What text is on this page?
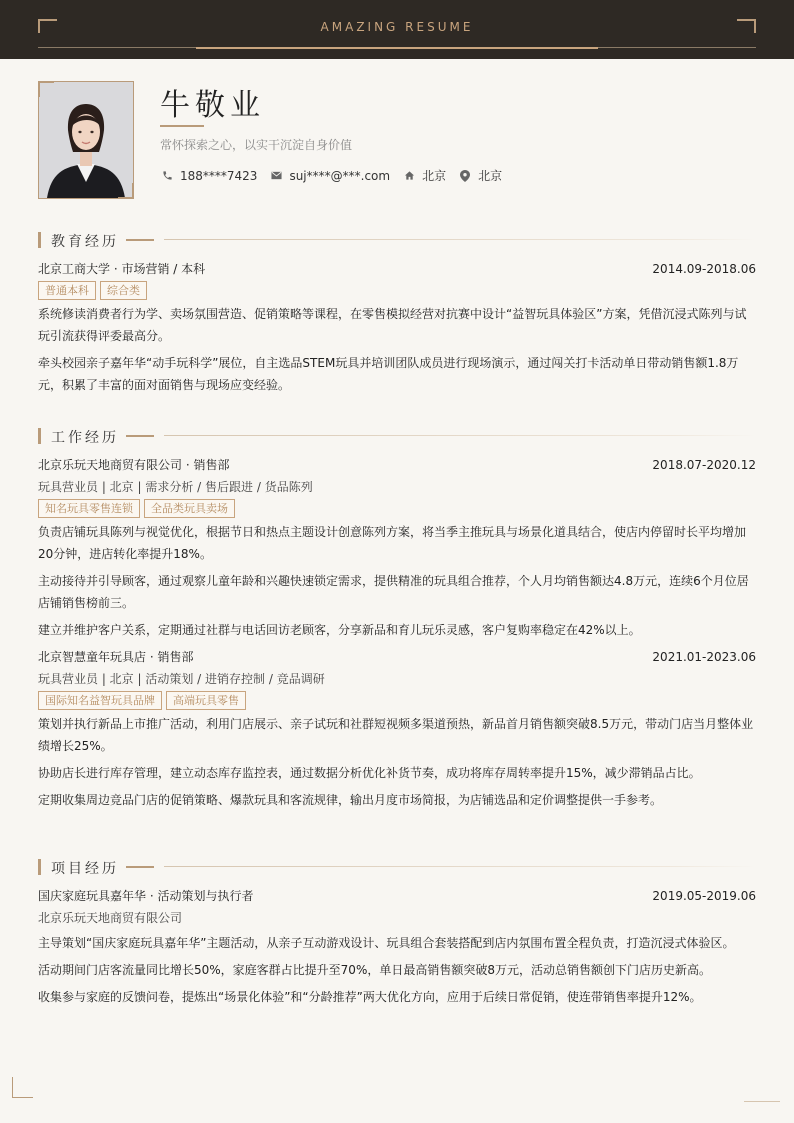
AMAZING RESUME
牛敬业
常怀探索之心，以实干沉淀自身价值
188****7423	suj****@***.com	北京	北京
教育经历
北京工商大学 · 市场营销 / 本科	2014.09-2018.06
普通本科	综合类
系统修读消费者行为学、卖场氛围营造、促销策略等课程，在零售模拟经营对抗赛中设计“益智玩具体验区”方案，凭借沉浸式陈列与试玩引流获得评委最高分。
牵头校园亲子嘉年华“动手玩科学”展位，自主选品STEM玩具并培训团队成员进行现场演示，通过闯关打卡活动单日带动销售额1.8万元，积累了丰富的面对面销售与现场应变经验。
工作经历
北京乐玩天地商贸有限公司 · 销售部	2018.07-2020.12
玩具营业员 | 北京 | 需求分析 / 售后跟进 / 货品陈列
知名玩具零售连锁	全品类玩具卖场
负责店铺玩具陈列与视觉优化，根据节日和热点主题设计创意陈列方案，将当季主推玩具与场景化道具结合，使店内停留时长平均增加20分钟，进店转化率提升18%。
主动接待并引导顾客，通过观察儿童年龄和兴趣快速锁定需求，提供精准的玩具组合推荐，个人月均销售额达4.8万元，连续6个月位居店铺销售榜前三。
建立并维护客户关系，定期通过社群与电话回访老顾客，分享新品和育儿玩乐灵感，客户复购率稳定在42%以上。
北京智慧童年玩具店 · 销售部	2021.01-2023.06
玩具营业员 | 北京 | 活动策划 / 进销存控制 / 竞品调研
国际知名益智玩具品牌	高端玩具零售
策划并执行新品上市推广活动，利用门店展示、亲子试玩和社群短视频多渠道预热，新品首月销售额突破8.5万元，带动门店当月整体业绩增长25%。
协助店长进行库存管理，建立动态库存监控表，通过数据分析优化补货节奏，成功将库存周转率提升15%，减少滞销品占比。
定期收集周边竞品门店的促销策略、爆款玩具和客流规律，输出月度市场简报，为店铺选品和定价调整提供一手参考。
项目经历
国庆家庭玩具嘉年华 · 活动策划与执行者	2019.05-2019.06
北京乐玩天地商贸有限公司
主导策划“国庆家庭玩具嘉年华”主题活动，从亲子互动游戏设计、玩具组合套装搭配到店内氛围布置全程负责，打造沉浸式体验区。
活动期间门店客流量同比增长50%，家庭客群占比提升至70%，单日最高销售额突破8万元，活动总销售额创下门店历史新高。
收集参与家庭的反馈问卷，提炼出“场景化体验”和“分龄推荐”两大优化方向，应用于后续日常促销，使连带销售率提升12%。
